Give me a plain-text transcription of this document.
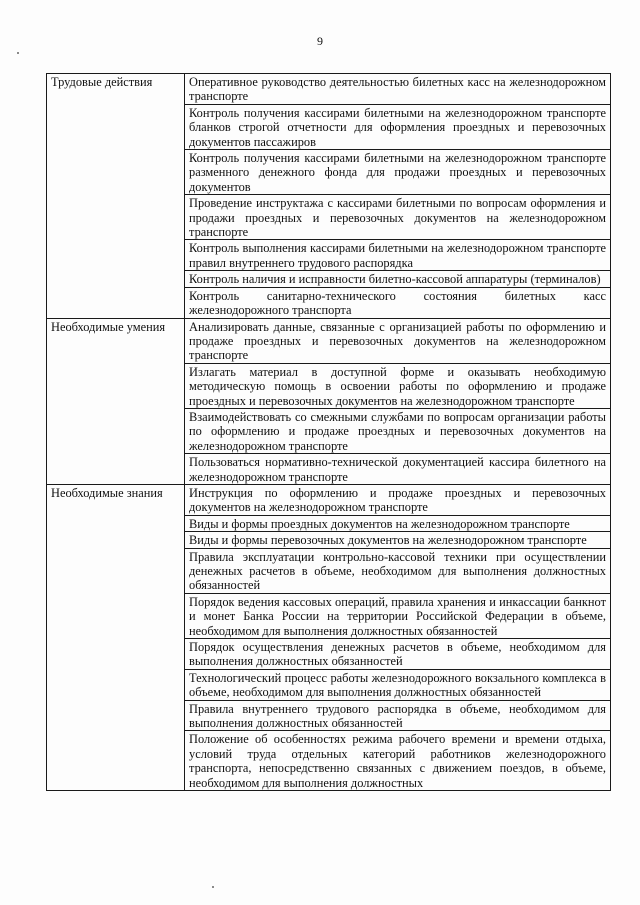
9
Трудовые действия	Оперативное руководство деятельностью билетных касс на железнодорожном транспорте
	Контроль получения кассирами билетными на железнодорожном транспорте бланков строгой отчетности для оформления проездных и перевозочных документов пассажиров
	Контроль получения кассирами билетными на железнодорожном транспорте разменного денежного фонда для продажи проездных и перевозочных документов
	Проведение инструктажа с кассирами билетными по вопросам оформления и продажи проездных и перевозочных документов на железнодорожном транспорте
	Контроль выполнения кассирами билетными на железнодорожном транспорте правил внутреннего трудового распорядка
	Контроль наличия и исправности билетно-кассовой аппаратуры (терминалов)
	Контроль санитарно-технического состояния билетных касс железнодорожного транспорта
Необходимые умения	Анализировать данные, связанные с организацией работы по оформлению и продаже проездных и перевозочных документов на железнодорожном транспорте
	Излагать материал в доступной форме и оказывать необходимую методическую помощь в освоении работы по оформлению и продаже проездных и перевозочных документов на железнодорожном транспорте
	Взаимодействовать со смежными службами по вопросам организации работы по оформлению и продаже проездных и перевозочных документов на железнодорожном транспорте
	Пользоваться нормативно-технической документацией кассира билетного на железнодорожном транспорте
Необходимые знания	Инструкция по оформлению и продаже проездных и перевозочных документов на железнодорожном транспорте
	Виды и формы проездных документов на железнодорожном транспорте
	Виды и формы перевозочных документов на железнодорожном транспорте
	Правила эксплуатации контрольно-кассовой техники при осуществлении денежных расчетов в объеме, необходимом для выполнения должностных обязанностей
	Порядок ведения кассовых операций, правила хранения и инкассации банкнот и монет Банка России на территории Российской Федерации в объеме, необходимом для выполнения должностных обязанностей
	Порядок осуществления денежных расчетов в объеме, необходимом для выполнения должностных обязанностей
	Технологический процесс работы железнодорожного вокзального комплекса в объеме, необходимом для выполнения должностных обязанностей
	Правила внутреннего трудового распорядка в объеме, необходимом для выполнения должностных обязанностей
	Положение об особенностях режима рабочего времени и времени отдыха, условий труда отдельных категорий работников железнодорожного транспорта, непосредственно связанных с движением поездов, в объеме, необходимом для выполнения должностных
